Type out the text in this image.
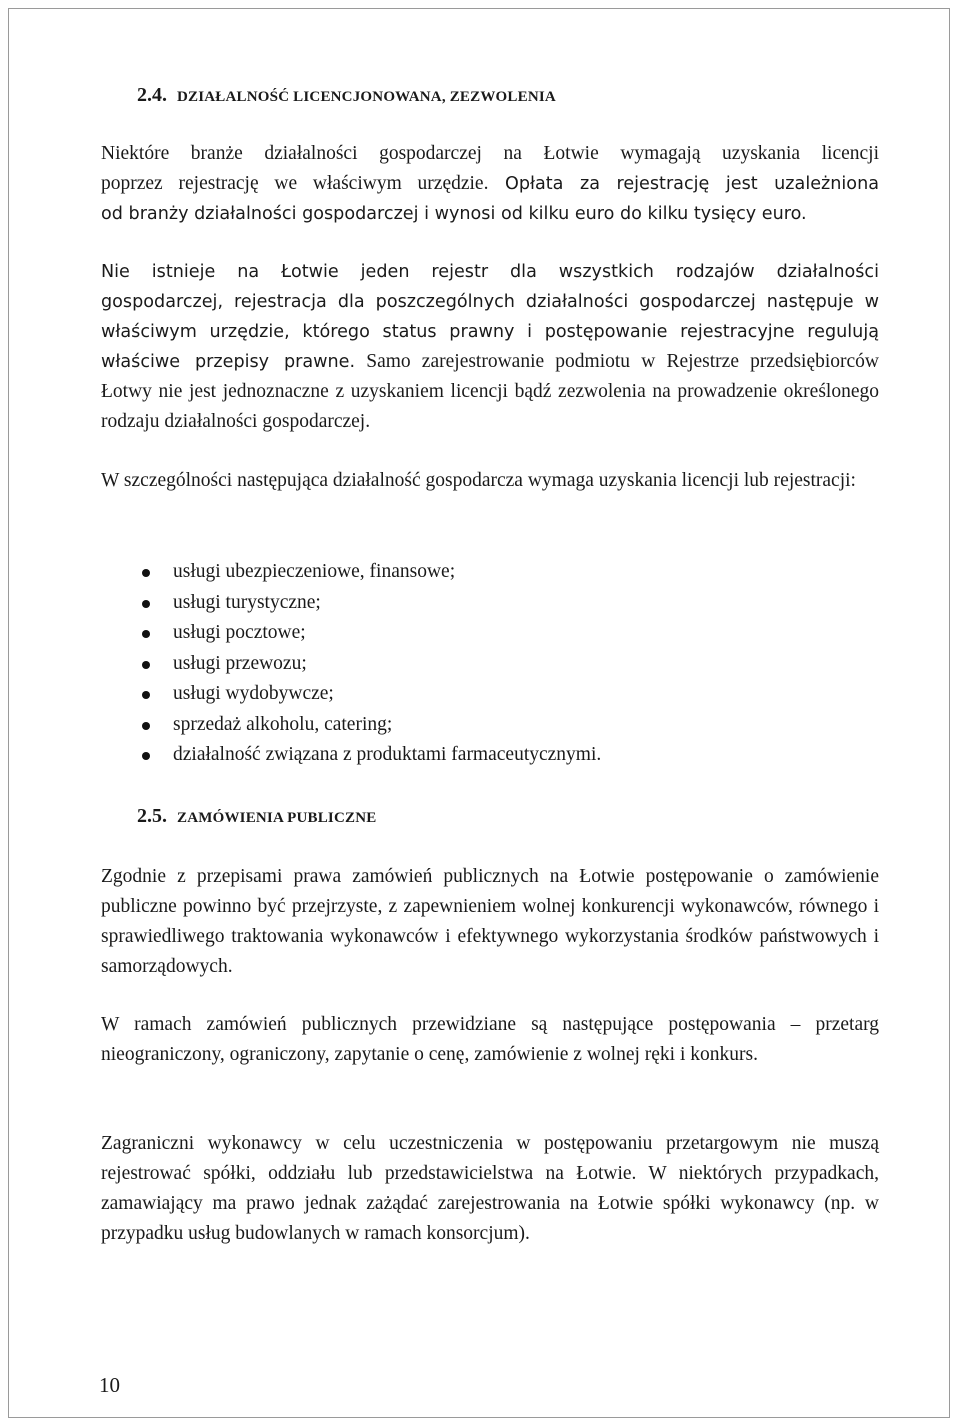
2.4. DZIAŁALNOŚĆ LICENCJONOWANA, ZEZWOLENIA
Niektóre branże działalności gospodarczej na Łotwie wymagają uzyskania licencji
poprzez rejestrację we właściwym urzędzie. Opłata za rejestrację jest uzależniona
od branży działalności gospodarczej i wynosi od kilku euro do kilku tysięcy euro.

Nie istnieje na Łotwie jeden rejestr dla wszystkich rodzajów działalności gospodarczej, rejestracja dla poszczególnych działalności gospodarczej następuje w właściwym urzędzie, którego status prawny i postępowanie rejestracyjne regulują właściwe przepisy prawne. Samo zarejestrowanie podmiotu w Rejestrze przedsiębiorców Łotwy nie jest jednoznaczne z uzyskaniem licencji bądź zezwolenia na prowadzenie określonego rodzaju działalności gospodarczej.

W szczególności następująca działalność gospodarcza wymaga uzyskania licencji lub rejestracji:

usługi ubezpieczeniowe, finansowe;
usługi turystyczne;
usługi pocztowe;
usługi przewozu;
usługi wydobywcze;
sprzedaż alkoholu, catering;
działalność związana z produktami farmaceutycznymi.
2.5. ZAMÓWIENIA PUBLICZNE

Zgodnie z przepisami prawa zamówień publicznych na Łotwie postępowanie o zamówienie publiczne powinno być przejrzyste, z zapewnieniem wolnej konkurencji wykonawców, równego i sprawiedliwego traktowania wykonawców i efektywnego wykorzystania środków państwowych i samorządowych.

W ramach zamówień publicznych przewidziane są następujące postępowania – przetarg nieograniczony, ograniczony, zapytanie o cenę, zamówienie z wolnej ręki i konkurs.

Zagraniczni wykonawcy w celu uczestniczenia w postępowaniu przetargowym nie muszą rejestrować spółki, oddziału lub przedstawicielstwa na Łotwie. W niektórych przypadkach, zamawiający ma prawo jednak zażądać zarejestrowania na Łotwie spółki wykonawcy (np. w przypadku usług budowlanych w ramach konsorcjum).

10
